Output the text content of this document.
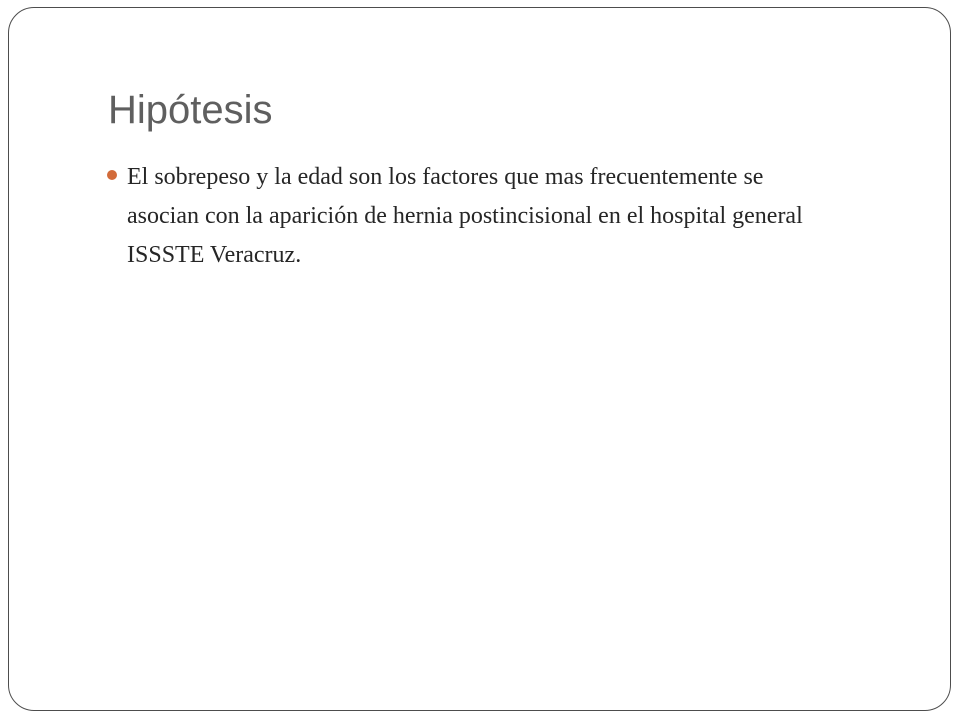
Hipótesis
El sobrepeso y la edad son los factores que mas frecuentemente se asocian con la aparición de hernia postincisional en el hospital general ISSSTE Veracruz.
